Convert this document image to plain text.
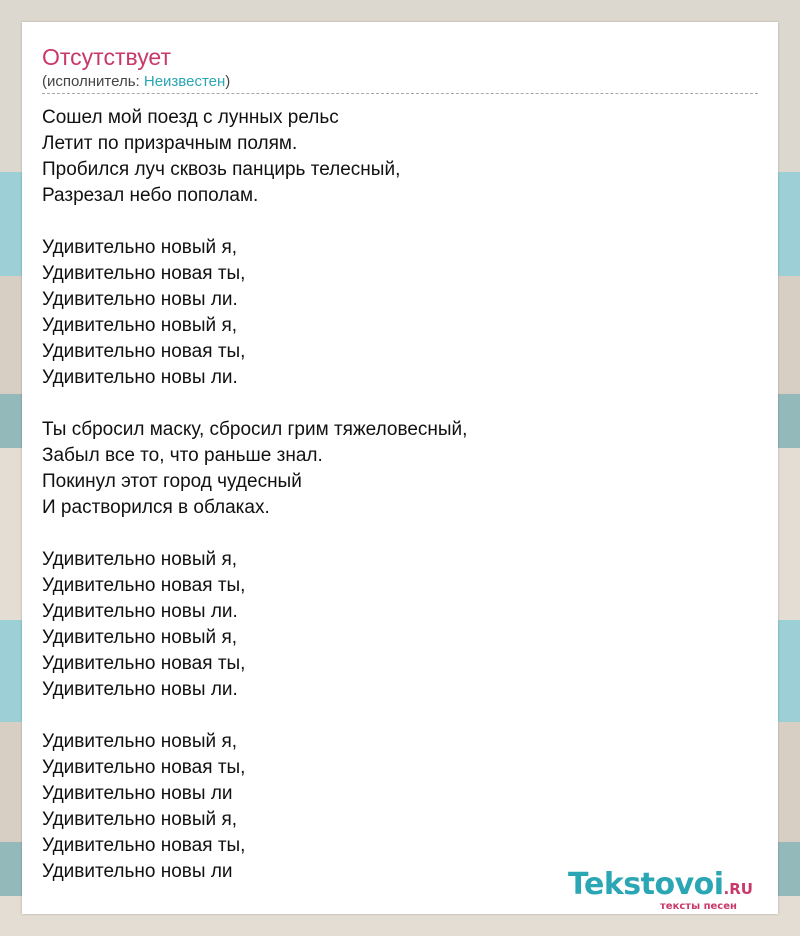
Отсутствует
(исполнитель: Неизвестен)
Сошел мой поезд с лунных рельс
Летит по призрачным полям.
Пробился луч сквозь панцирь телесный,
Разрезал небо пополам.
Удивительно новый я,
Удивительно новая ты,
Удивительно новы ли.
Удивительно новый я,
Удивительно новая ты,
Удивительно новы ли.
Ты сбросил маску, сбросил грим тяжеловесный,
Забыл все то, что раньше знал.
Покинул этот город чудесный
И растворился в облаках.
Удивительно новый я,
Удивительно новая ты,
Удивительно новы ли.
Удивительно новый я,
Удивительно новая ты,
Удивительно новы ли.
Удивительно новый я,
Удивительно новая ты,
Удивительно новы ли
Удивительно новый я,
Удивительно новая ты,
Удивительно новы ли	Tekstovoi.RU
тексты песен
